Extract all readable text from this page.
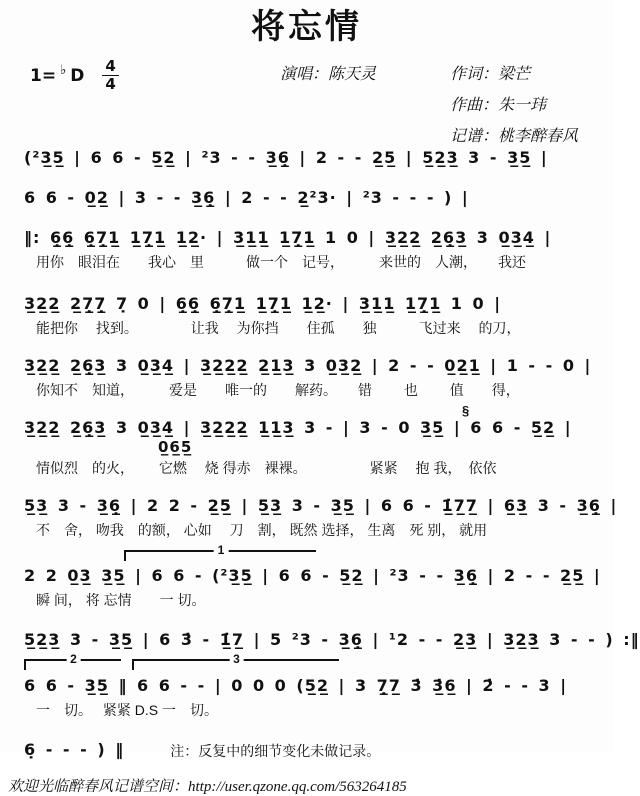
将忘情
1= ♭ D $\frac{4}{4}$	演唱：陈天灵	作词：梁芒
作曲：朱一玮
记谱：桃李醉春风
(²3̲5̲ | 6 6 - 5̲2̲ | ²3 - - 3̲6̲̣ | 2 - - 2̲5̲ | 5̲2̲3̲ 3 - 3̲5̲ |
6 6 - 0̲2̲ | 3 - - 3̲6̲̣ | 2 - - 2̲²3· | ²3 - - - ) |
‖: 6̲̣6̲̣ 6̲̣7̲̣1̲ 1̲7̲̣1̲ 1̲2̲· | 3̲1̲1̲ 1̲7̲̣1̲ 1 0 | 3̲2̲2̲ 2̲6̲̣3̲ 3 0̲3̲4̲ |
用你　眼泪在　　我心　里　　　做一个　记号，　　　来世的　人潮，　　我还
3̲2̲2̲ 2̲7̲̣7̲̣ 7̣ 0 | 6̲̣6̲̣ 6̲̣7̲̣1̲ 1̲7̲̣1̲ 1̲2̲· | 3̲1̲1̲ 1̲7̲̣1̲ 1 0 |
能把你　 找到。　　　　 让我　 为你挡　　住孤　　独　　　飞过来　 的刀，
3̲2̲2̲ 2̲6̲̣3̲ 3 0̲3̲4̲ | 3̲2̲2̲2̲ 2̲1̲3̲ 3 0̲3̲2̲ | 2 - - 0̲2̲1̲ | 1 - - 0 |
你知不　知道，　　　爱是　　唯一的　　解药。　　错　　 也　　 值　　得，
3̲2̲2̲ 2̲6̲̣3̲ 3 0̲3̲4̲ | 3̲2̲2̲2̲ 1̲1̲3̲ 3 - | 3 - 0 3̲5̲ | 6 6 - 5̲2̲ |
§
0̲6̲5̲
情似烈　的火，　　 它燃　 烧 得赤　裸裸。　　　　　紧紧　 抱 我，　依依
5̲3̲ 3 - 3̲6̲̣ | 2 2 - 2̲5̲ | 5̲3̲ 3 - 3̲5̲ | 6 6 - 1̲̇7̲7̲ | 6̲3̲ 3 - 3̲6̲̣ |
不　舍， 吻我　的额， 心如　 刀　割， 既然 选择， 生离　死 别， 就用
1
2 2 0̲3̲ 3̲5̲ | 6 6 - (²3̲5̲ | 6 6 - 5̲2̲ | ²3 - - 3̲6̲̣ | 2 - - 2̲5̲ |
瞬 间， 将 忘情　　一 切。
5̲2̲3̲ 3 - 3̲5̲ | 6 3̇ - 1̲̇7̲ | 5 ²3 - 3̲6̲̣ | ¹2 - - 2̲3̲ | 3̲2̲3̲ 3 - - ) :‖
2	3
6 6 - 3̲5̲ ‖ 6 6 - - | 0 0 0 (5̲2̲ | 3 7̲̣7̲ 3̇ 3̲̇6̲ | 2̇ - - 3 |
一　切。　 紧紧 D.S 一　切。
6̣ - - - ) ‖	注：反复中的细节变化未做记录。
欢迎光临醉春风记谱空间：http://user.qzone.qq.com/563264185
